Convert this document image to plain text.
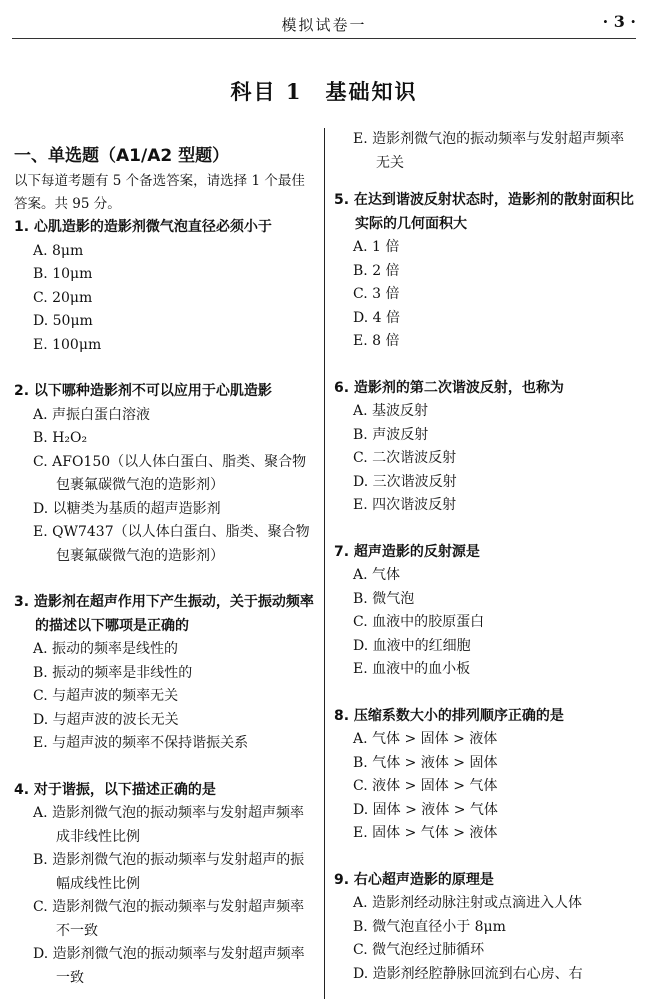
模拟试卷一	· 3 ·
科目 1　基础知识
一、单选题（A1/A2 型题）
以下每道考题有 5 个备选答案，请选择 1 个最佳答案。共 95 分。
1. 心肌造影的造影剂微气泡直径必须小于
A. 8μm
B. 10μm
C. 20μm
D. 50μm
E. 100μm
2. 以下哪种造影剂不可以应用于心肌造影
A. 声振白蛋白溶液
B. H₂O₂
C. AFO150（以人体白蛋白、脂类、聚合物包裹氟碳微气泡的造影剂）
D. 以糖类为基质的超声造影剂
E. QW7437（以人体白蛋白、脂类、聚合物包裹氟碳微气泡的造影剂）
3. 造影剂在超声作用下产生振动，关于振动频率的描述以下哪项是正确的
A. 振动的频率是线性的
B. 振动的频率是非线性的
C. 与超声波的频率无关
D. 与超声波的波长无关
E. 与超声波的频率不保持谐振关系
4. 对于谐振，以下描述正确的是
A. 造影剂微气泡的振动频率与发射超声频率成非线性比例
B. 造影剂微气泡的振动频率与发射超声的振幅成线性比例
C. 造影剂微气泡的振动频率与发射超声频率不一致
D. 造影剂微气泡的振动频率与发射超声频率一致
E. 造影剂微气泡的振动频率与发射超声频率无关
5. 在达到谐波反射状态时，造影剂的散射面积比实际的几何面积大
A. 1 倍
B. 2 倍
C. 3 倍
D. 4 倍
E. 8 倍
6. 造影剂的第二次谐波反射，也称为
A. 基波反射
B. 声波反射
C. 二次谐波反射
D. 三次谐波反射
E. 四次谐波反射
7. 超声造影的反射源是
A. 气体
B. 微气泡
C. 血液中的胶原蛋白
D. 血液中的红细胞
E. 血液中的血小板
8. 压缩系数大小的排列顺序正确的是
A. 气体 > 固体 > 液体
B. 气体 > 液体 > 固体
C. 液体 > 固体 > 气体
D. 固体 > 液体 > 气体
E. 固体 > 气体 > 液体
9. 右心超声造影的原理是
A. 造影剂经动脉注射或点滴进入人体
B. 微气泡直径小于 8μm
C. 微气泡经过肺循环
D. 造影剂经腔静脉回流到右心房、右
